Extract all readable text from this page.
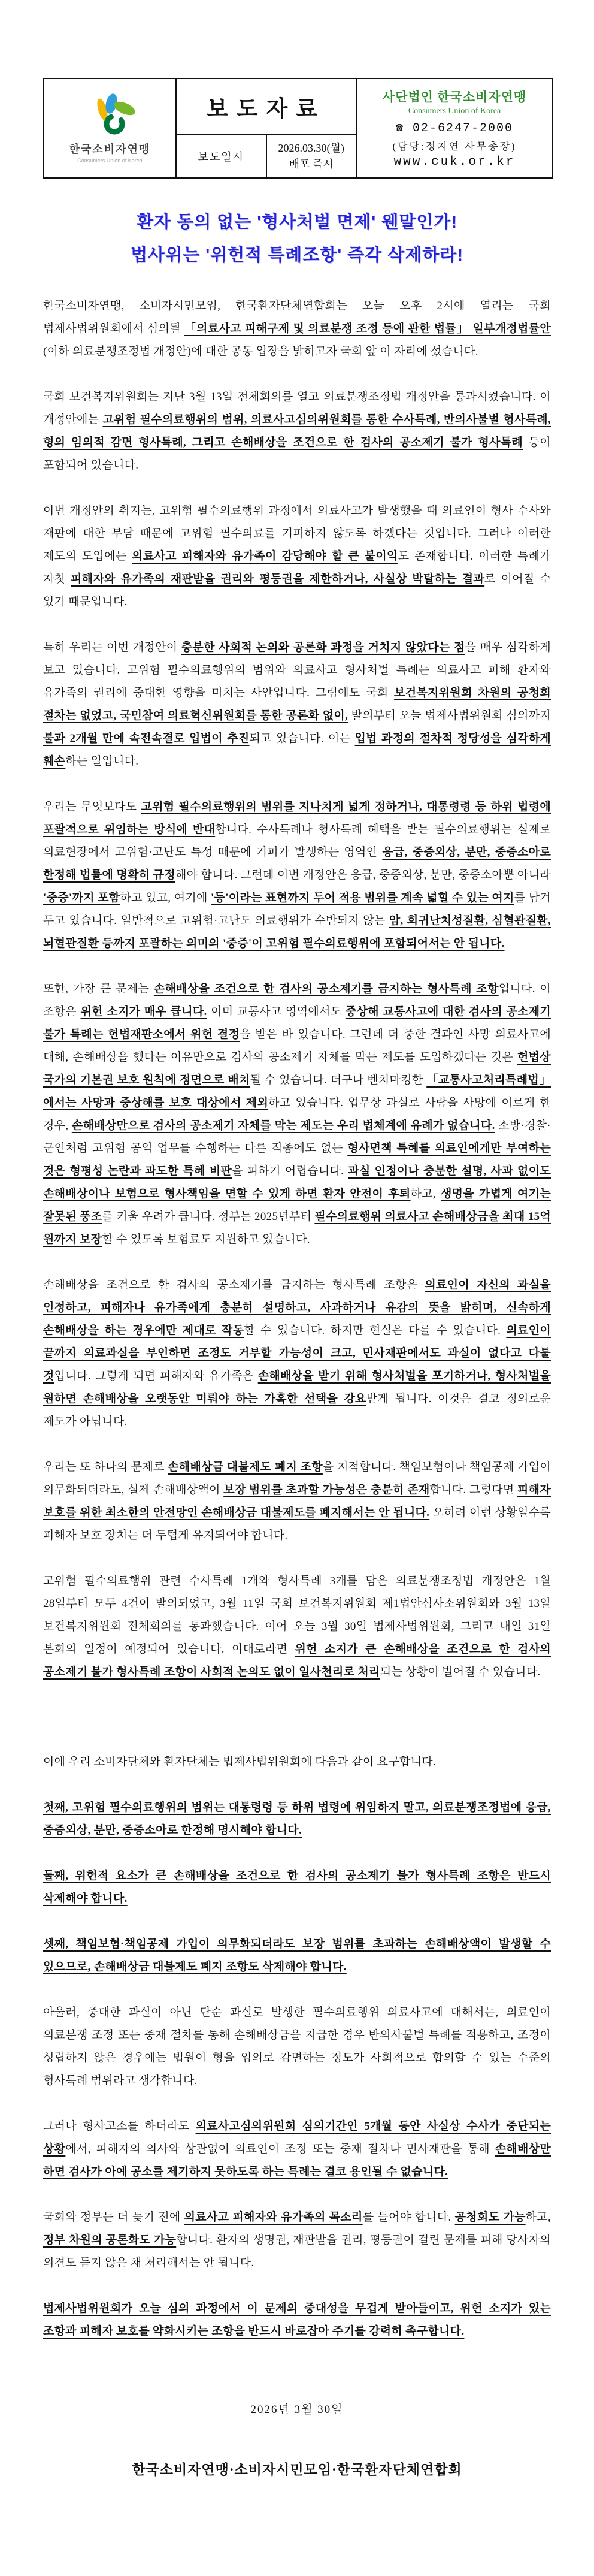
한국소비자연맹
Consumers Union of Korea
	보도자료	사단법인 한국소비자연맹
Consumers Union of Korea
☎ 02-6247-2000
(담당:정지연 사무총장)
www.cuk.or.kr

	보도일시	2026.03.30(월)
배포 즉시	
환자 동의 없는 '형사처벌 면제' 웬말인가!
법사위는 '위헌적 특례조항' 즉각 삭제하라!

한국소비자연맹, 소비자시민모임, 한국환자단체연합회는 오늘 오후 2시에 열리는 국회 법제사법위원회에서 심의될 「의료사고 피해구제 및 의료분쟁 조정 등에 관한 법률」 일부개정법률안(이하 의료분쟁조정법 개정안)에 대한 공동 입장을 밝히고자 국회 앞 이 자리에 섰습니다.

국회 보건복지위원회는 지난 3월 13일 전체회의를 열고 의료분쟁조정법 개정안을 통과시켰습니다. 이 개정안에는 고위험 필수의료행위의 범위, 의료사고심의위원회를 통한 수사특례, 반의사불벌 형사특례, 형의 임의적 감면 형사특례, 그리고 손해배상을 조건으로 한 검사의 공소제기 불가 형사특례 등이 포함되어 있습니다.

이번 개정안의 취지는, 고위험 필수의료행위 과정에서 의료사고가 발생했을 때 의료인이 형사 수사와 재판에 대한 부담 때문에 고위험 필수의료를 기피하지 않도록 하겠다는 것입니다. 그러나 이러한 제도의 도입에는 의료사고 피해자와 유가족이 감당해야 할 큰 불이익도 존재합니다. 이러한 특례가 자칫 피해자와 유가족의 재판받을 권리와 평등권을 제한하거나, 사실상 박탈하는 결과로 이어질 수 있기 때문입니다.

특히 우리는 이번 개정안이 충분한 사회적 논의와 공론화 과정을 거치지 않았다는 점을 매우 심각하게 보고 있습니다. 고위험 필수의료행위의 범위와 의료사고 형사처벌 특례는 의료사고 피해 환자와 유가족의 권리에 중대한 영향을 미치는 사안입니다. 그럼에도 국회 보건복지위원회 차원의 공청회 절차는 없었고, 국민참여 의료혁신위원회를 통한 공론화 없이, 발의부터 오늘 법제사법위원회 심의까지 불과 2개월 만에 속전속결로 입법이 추진되고 있습니다. 이는 입법 과정의 절차적 정당성을 심각하게 훼손하는 일입니다.

우리는 무엇보다도 고위험 필수의료행위의 범위를 지나치게 넓게 정하거나, 대통령령 등 하위 법령에 포괄적으로 위임하는 방식에 반대합니다. 수사특례나 형사특례 혜택을 받는 필수의료행위는 실제로 의료현장에서 고위험·고난도 특성 때문에 기피가 발생하는 영역인 응급, 중증외상, 분만, 중증소아로 한정해 법률에 명확히 규정해야 합니다. 그런데 이번 개정안은 응급, 중증외상, 분만, 중증소아뿐 아니라 '중증'까지 포함하고 있고, 여기에 '등'이라는 표현까지 두어 적용 범위를 계속 넓힐 수 있는 여지를 남겨 두고 있습니다. 일반적으로 고위험·고난도 의료행위가 수반되지 않는 암, 희귀난치성질환, 심혈관질환, 뇌혈관질환 등까지 포괄하는 의미의 '중증'이 고위험 필수의료행위에 포함되어서는 안 됩니다.

또한, 가장 큰 문제는 손해배상을 조건으로 한 검사의 공소제기를 금지하는 형사특례 조항입니다. 이 조항은 위헌 소지가 매우 큽니다. 이미 교통사고 영역에서도 중상해 교통사고에 대한 검사의 공소제기 불가 특례는 헌법재판소에서 위헌 결정을 받은 바 있습니다. 그런데 더 중한 결과인 사망 의료사고에 대해, 손해배상을 했다는 이유만으로 검사의 공소제기 자체를 막는 제도를 도입하겠다는 것은 헌법상 국가의 기본권 보호 원칙에 정면으로 배치될 수 있습니다. 더구나 벤치마킹한 「교통사고처리특례법」에서는 사망과 중상해를 보호 대상에서 제외하고 있습니다. 업무상 과실로 사람을 사망에 이르게 한 경우, 손해배상만으로 검사의 공소제기 자체를 막는 제도는 우리 법체계에 유례가 없습니다. 소방·경찰·군인처럼 고위험 공익 업무를 수행하는 다른 직종에도 없는 형사면책 특혜를 의료인에게만 부여하는 것은 형평성 논란과 과도한 특혜 비판을 피하기 어렵습니다. 과실 인정이나 충분한 설명, 사과 없이도 손해배상이나 보험으로 형사책임을 면할 수 있게 하면 환자 안전이 후퇴하고, 생명을 가볍게 여기는 잘못된 풍조를 키울 우려가 큽니다. 정부는 2025년부터 필수의료행위 의료사고 손해배상금을 최대 15억 원까지 보장할 수 있도록 보험료도 지원하고 있습니다.

손해배상을 조건으로 한 검사의 공소제기를 금지하는 형사특례 조항은 의료인이 자신의 과실을 인정하고, 피해자나 유가족에게 충분히 설명하고, 사과하거나 유감의 뜻을 밝히며, 신속하게 손해배상을 하는 경우에만 제대로 작동할 수 있습니다. 하지만 현실은 다를 수 있습니다. 의료인이 끝까지 의료과실을 부인하면 조정도 거부할 가능성이 크고, 민사재판에서도 과실이 없다고 다툴 것입니다. 그렇게 되면 피해자와 유가족은 손해배상을 받기 위해 형사처벌을 포기하거나, 형사처벌을 원하면 손해배상을 오랫동안 미뤄야 하는 가혹한 선택을 강요받게 됩니다. 이것은 결코 정의로운 제도가 아닙니다.

우리는 또 하나의 문제로 손해배상금 대불제도 폐지 조항을 지적합니다. 책임보험이나 책임공제 가입이 의무화되더라도, 실제 손해배상액이 보장 범위를 초과할 가능성은 충분히 존재합니다. 그렇다면 피해자 보호를 위한 최소한의 안전망인 손해배상금 대불제도를 폐지해서는 안 됩니다. 오히려 이런 상황일수록 피해자 보호 장치는 더 두텁게 유지되어야 합니다.

고위험 필수의료행위 관련 수사특례 1개와 형사특례 3개를 담은 의료분쟁조정법 개정안은 1월 28일부터 모두 4건이 발의되었고, 3월 11일 국회 보건복지위원회 제1법안심사소위원회와 3월 13일 보건복지위원회 전체회의를 통과했습니다. 이어 오늘 3월 30일 법제사법위원회, 그리고 내일 31일 본회의 일정이 예정되어 있습니다. 이대로라면 위헌 소지가 큰 손해배상을 조건으로 한 검사의 공소제기 불가 형사특례 조항이 사회적 논의도 없이 일사천리로 처리되는 상황이 벌어질 수 있습니다.

이에 우리 소비자단체와 환자단체는 법제사법위원회에 다음과 같이 요구합니다.

첫째, 고위험 필수의료행위의 범위는 대통령령 등 하위 법령에 위임하지 말고, 의료분쟁조정법에 응급, 중증외상, 분만, 중증소아로 한정해 명시해야 합니다.

둘째, 위헌적 요소가 큰 손해배상을 조건으로 한 검사의 공소제기 불가 형사특례 조항은 반드시 삭제해야 합니다.

셋째, 책임보험·책임공제 가입이 의무화되더라도 보장 범위를 초과하는 손해배상액이 발생할 수 있으므로, 손해배상금 대불제도 폐지 조항도 삭제해야 합니다.

아울러, 중대한 과실이 아닌 단순 과실로 발생한 필수의료행위 의료사고에 대해서는, 의료인이 의료분쟁 조정 또는 중재 절차를 통해 손해배상금을 지급한 경우 반의사불벌 특례를 적용하고, 조정이 성립하지 않은 경우에는 법원이 형을 임의로 감면하는 정도가 사회적으로 합의할 수 있는 수준의 형사특례 범위라고 생각합니다.

그러나 형사고소를 하더라도 의료사고심의위원회 심의기간인 5개월 동안 사실상 수사가 중단되는 상황에서, 피해자의 의사와 상관없이 의료인이 조정 또는 중재 절차나 민사재판을 통해 손해배상만 하면 검사가 아예 공소를 제기하지 못하도록 하는 특례는 결코 용인될 수 없습니다.

국회와 정부는 더 늦기 전에 의료사고 피해자와 유가족의 목소리를 들어야 합니다. 공청회도 가능하고, 정부 차원의 공론화도 가능합니다. 환자의 생명권, 재판받을 권리, 평등권이 걸린 문제를 피해 당사자의 의견도 듣지 않은 채 처리해서는 안 됩니다.

법제사법위원회가 오늘 심의 과정에서 이 문제의 중대성을 무겁게 받아들이고, 위헌 소지가 있는 조항과 피해자 보호를 약화시키는 조항을 반드시 바로잡아 주기를 강력히 촉구합니다.

2026년 3월 30일
한국소비자연맹·소비자시민모임·한국환자단체연합회
